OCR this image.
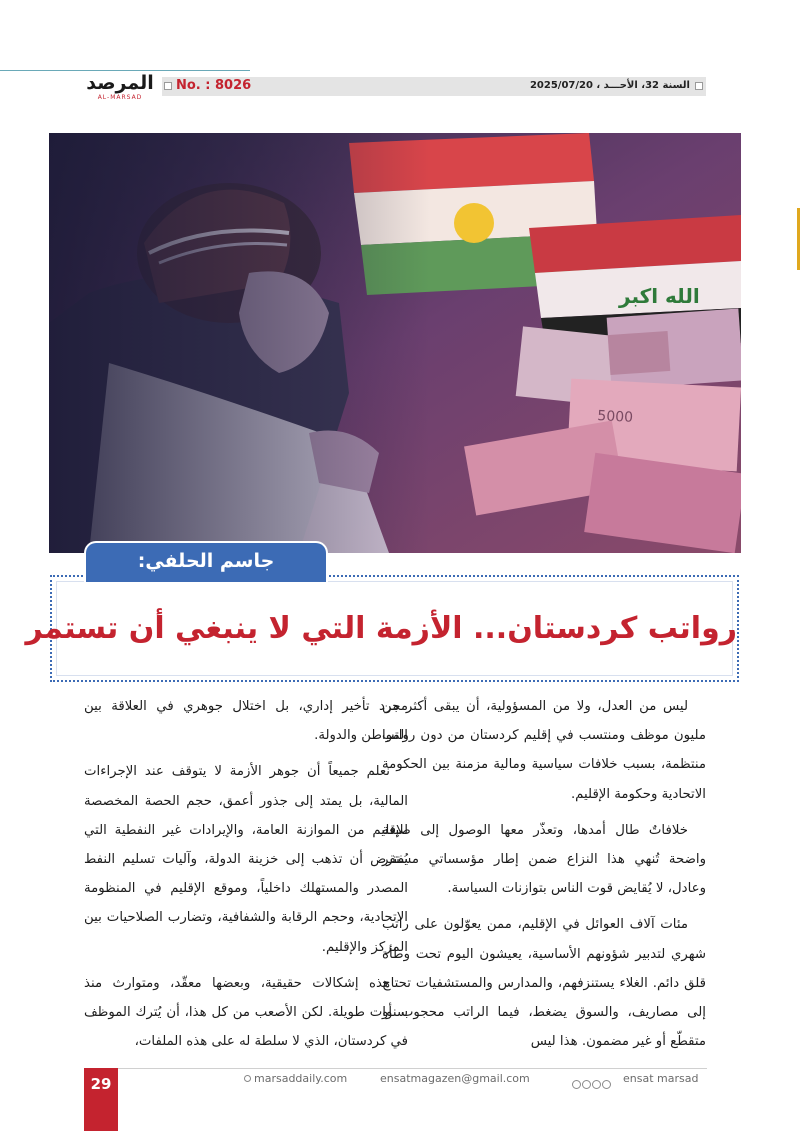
المرصد
AL-MARSAD
No. : 8026	السنة 32، الأحـــد ، 2025/07/20
رواتب كردستان... الأزمة التي لا ينبغي أن تستمر
جاسم الحلفي:

ليس من العدل، ولا من المسؤولية، أن يبقى أكثر من مليون موظف ومنتسب في إقليم كردستان من دون رواتب منتظمة، بسبب خلافات سياسية ومالية مزمنة بين الحكومة الاتحادية وحكومة الإقليم.

خلافاتٌ طال أمدها، وتعذّر معها الوصول إلى صيغة واضحة تُنهي هذا النزاع ضمن إطار مؤسساتي مستقر وعادل، لا يُقايض قوت الناس بتوازنات السياسة.

مئات آلاف العوائل في الإقليم، ممن يعوّلون على راتب شهري لتدبير شؤونهم الأساسية، يعيشون اليوم تحت وطأة قلق دائم. الغلاء يستنزفهم، والمدارس والمستشفيات تحتاج إلى مصاريف، والسوق يضغط، فيما الراتب محجوب أو متقطّع أو غير مضمون. هذا ليس

مجرد تأخير إداري، بل اختلال جوهري في العلاقة بين المواطن والدولة.

نعلم جميعاً أن جوهر الأزمة لا يتوقف عند الإجراءات المالية، بل يمتد إلى جذور أعمق، حجم الحصة المخصصة للإقليم من الموازنة العامة، والإيرادات غير النفطية التي يُفترض أن تذهب إلى خزينة الدولة، وآليات تسليم النفط المصدر والمستهلك داخلياً، وموقع الإقليم في المنظومة الاتحادية، وحجم الرقابة والشفافية، وتضارب الصلاحيات بين المركز والإقليم.

هذه إشكالات حقيقية، وبعضها معقّد، ومتوارث منذ سنوات طويلة. لكن الأصعب من كل هذا، أن يُترك الموظف في كردستان، الذي لا سلطة له على هذه الملفات،

29	marsaddaily.com	ensatmagazen@gmail.com	ensat marsad
